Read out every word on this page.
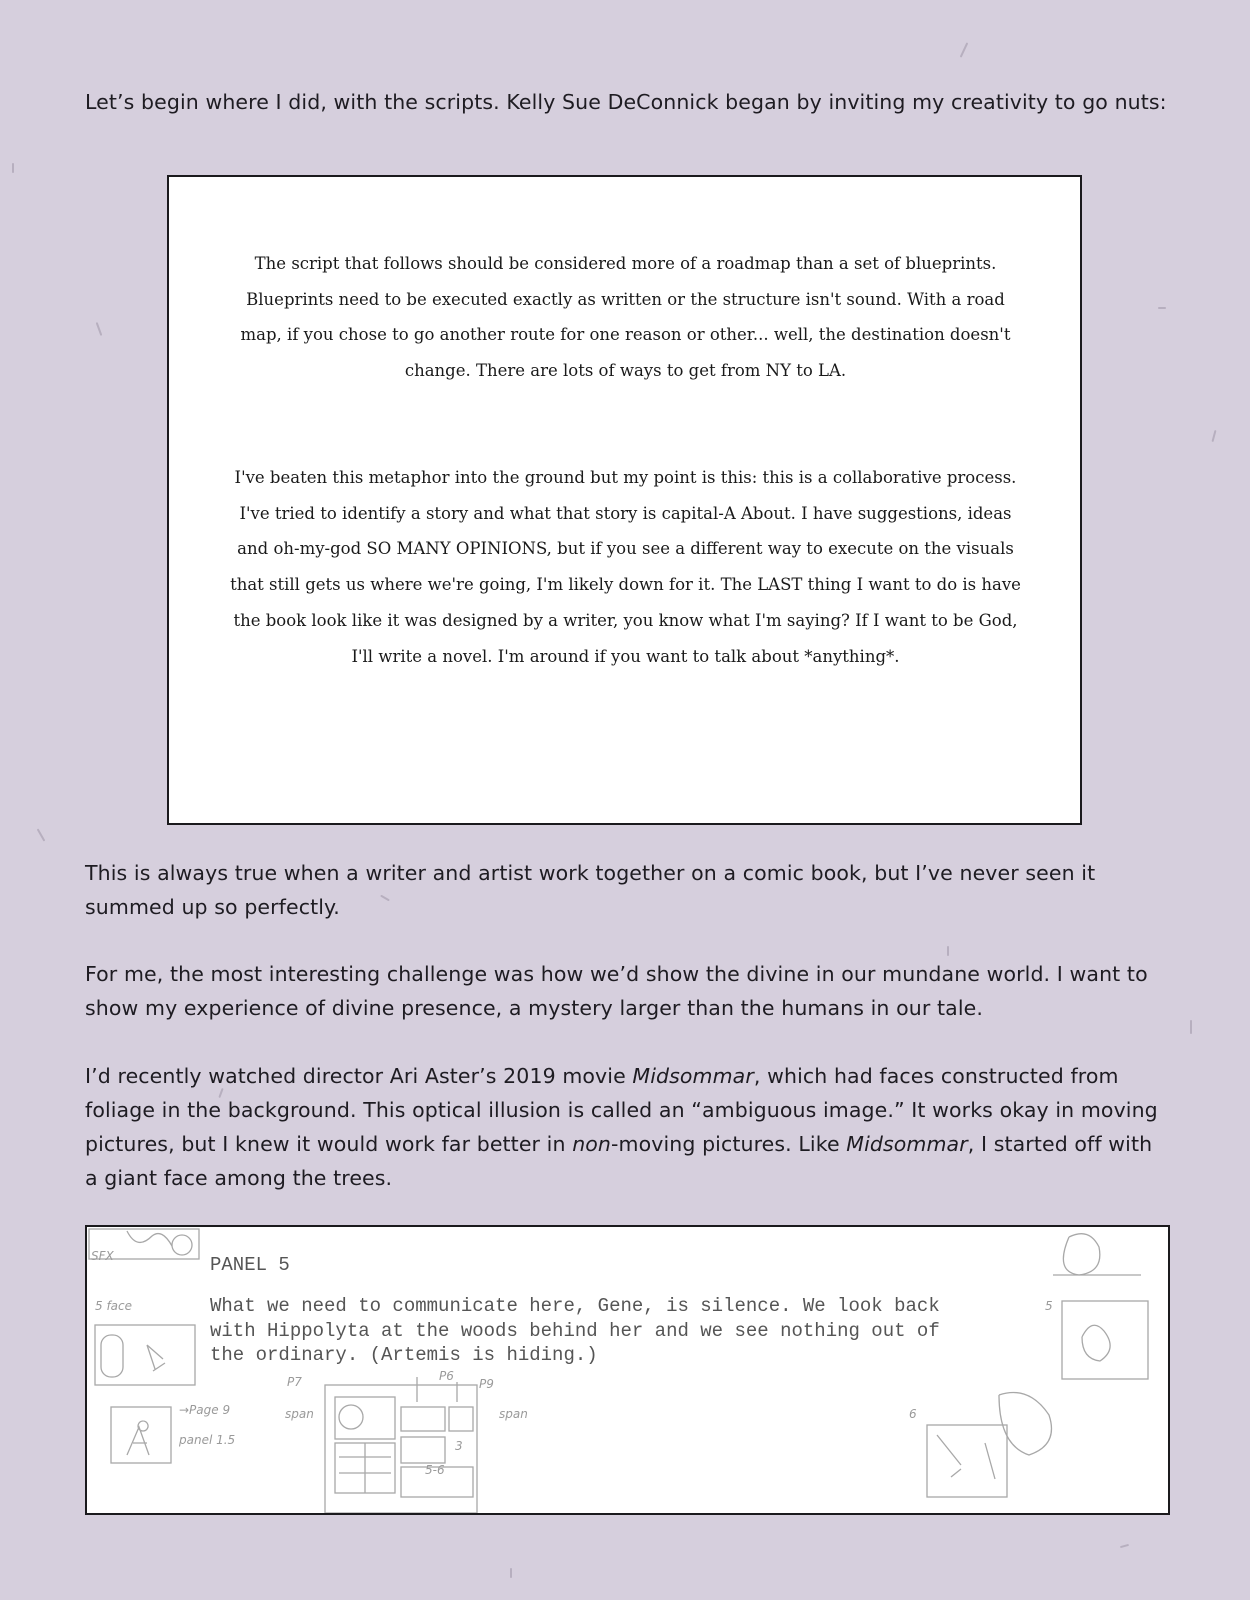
Let’s begin where I did, with the scripts. Kelly Sue DeConnick began by inviting my creativity to go nuts:

The script that follows should be considered more of a roadmap than a set of blueprints. Blueprints need to be executed exactly as written or the structure isn't sound. With a road map, if you chose to go another route for one reason or other... well, the destination doesn't change. There are lots of ways to get from NY to LA.
I've beaten this metaphor into the ground but my point is this: this is a collaborative process. I've tried to identify a story and what that story is capital-A About. I have suggestions, ideas and oh-my-god SO MANY OPINIONS, but if you see a different way to execute on the visuals that still gets us where we're going, I'm likely down for it. The LAST thing I want to do is have the book look like it was designed by a writer, you know what I'm saying? If I want to be God, I'll write a novel. I'm around if you want to talk about *anything*.

This is always true when a writer and artist work together on a comic book, but I’ve never seen it summed up so perfectly.

For me, the most interesting challenge was how we’d show the divine in our mundane world. I want to show my experience of divine presence, a mystery larger than the humans in our tale.

I’d recently watched director Ari Aster’s 2019 movie Midsommar, which had faces constructed from foliage in the background. This optical illusion is called an “ambiguous image.” It works okay in moving pictures, but I knew it would work far better in non-moving pictures. Like Midsommar, I started off with a giant face among the trees.

PANEL 5
What we need to communicate here, Gene, is silence. We look back
with Hippolyta at the woods behind her and we see nothing out of
the ordinary. (Artemis is hiding.)
SFX
5 face
→Page 9
panel 1.5
span	span
P7	P9
P6
5
6
3
5-6
